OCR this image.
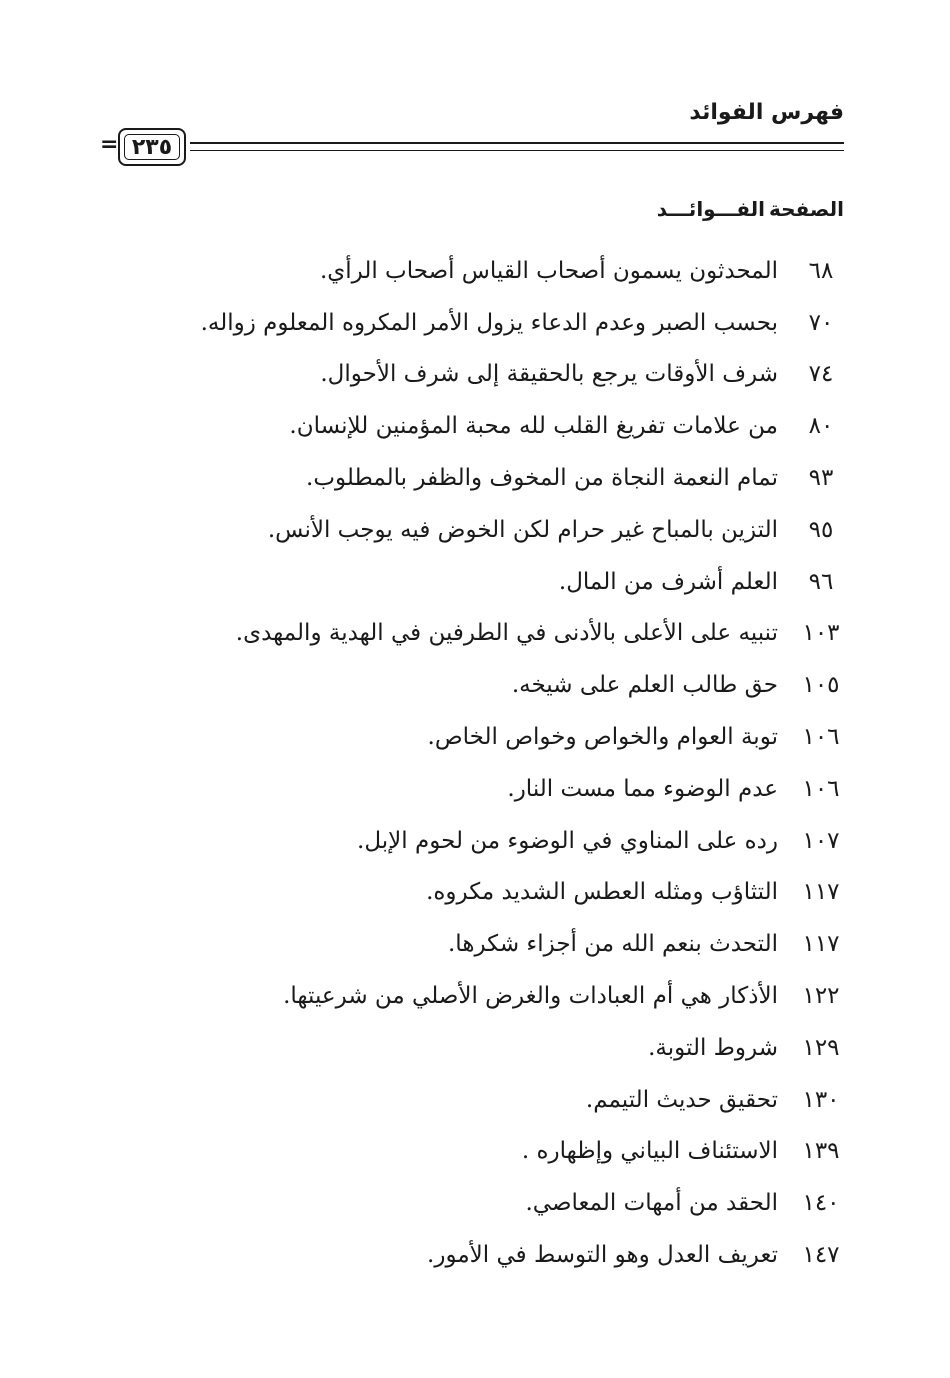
فهرس الفوائد
٢٣٥
=
الصفحةالفـــوائـــد
٦٨
المحدثون يسمون أصحاب القياس أصحاب الرأي.
٧٠
بحسب الصبر وعدم الدعاء يزول الأمر المكروه المعلوم زواله.
٧٤
شرف الأوقات يرجع بالحقيقة إلى شرف الأحوال.
٨٠
من علامات تفريغ القلب لله محبة المؤمنين للإنسان.
٩٣
تمام النعمة النجاة من المخوف والظفر بالمطلوب.
٩٥
التزين بالمباح غير حرام لكن الخوض فيه يوجب الأنس.
٩٦
العلم أشرف من المال.
١٠٣
تنبيه على الأعلى بالأدنى في الطرفين في الهدية والمهدى.
١٠٥
حق طالب العلم على شيخه.
١٠٦
توبة العوام والخواص وخواص الخاص.
١٠٦
عدم الوضوء مما مست النار.
١٠٧
رده على المناوي في الوضوء من لحوم الإبل.
١١٧
التثاؤب ومثله العطس الشديد مكروه.
١١٧
التحدث بنعم الله من أجزاء شكرها.
١٢٢
الأذكار هي أم العبادات والغرض الأصلي من شرعيتها.
١٢٩
شروط التوبة.
١٣٠
تحقيق حديث التيمم.
١٣٩
الاستئناف البياني وإظهاره .
١٤٠
الحقد من أمهات المعاصي.
١٤٧
تعريف العدل وهو التوسط في الأمور.
